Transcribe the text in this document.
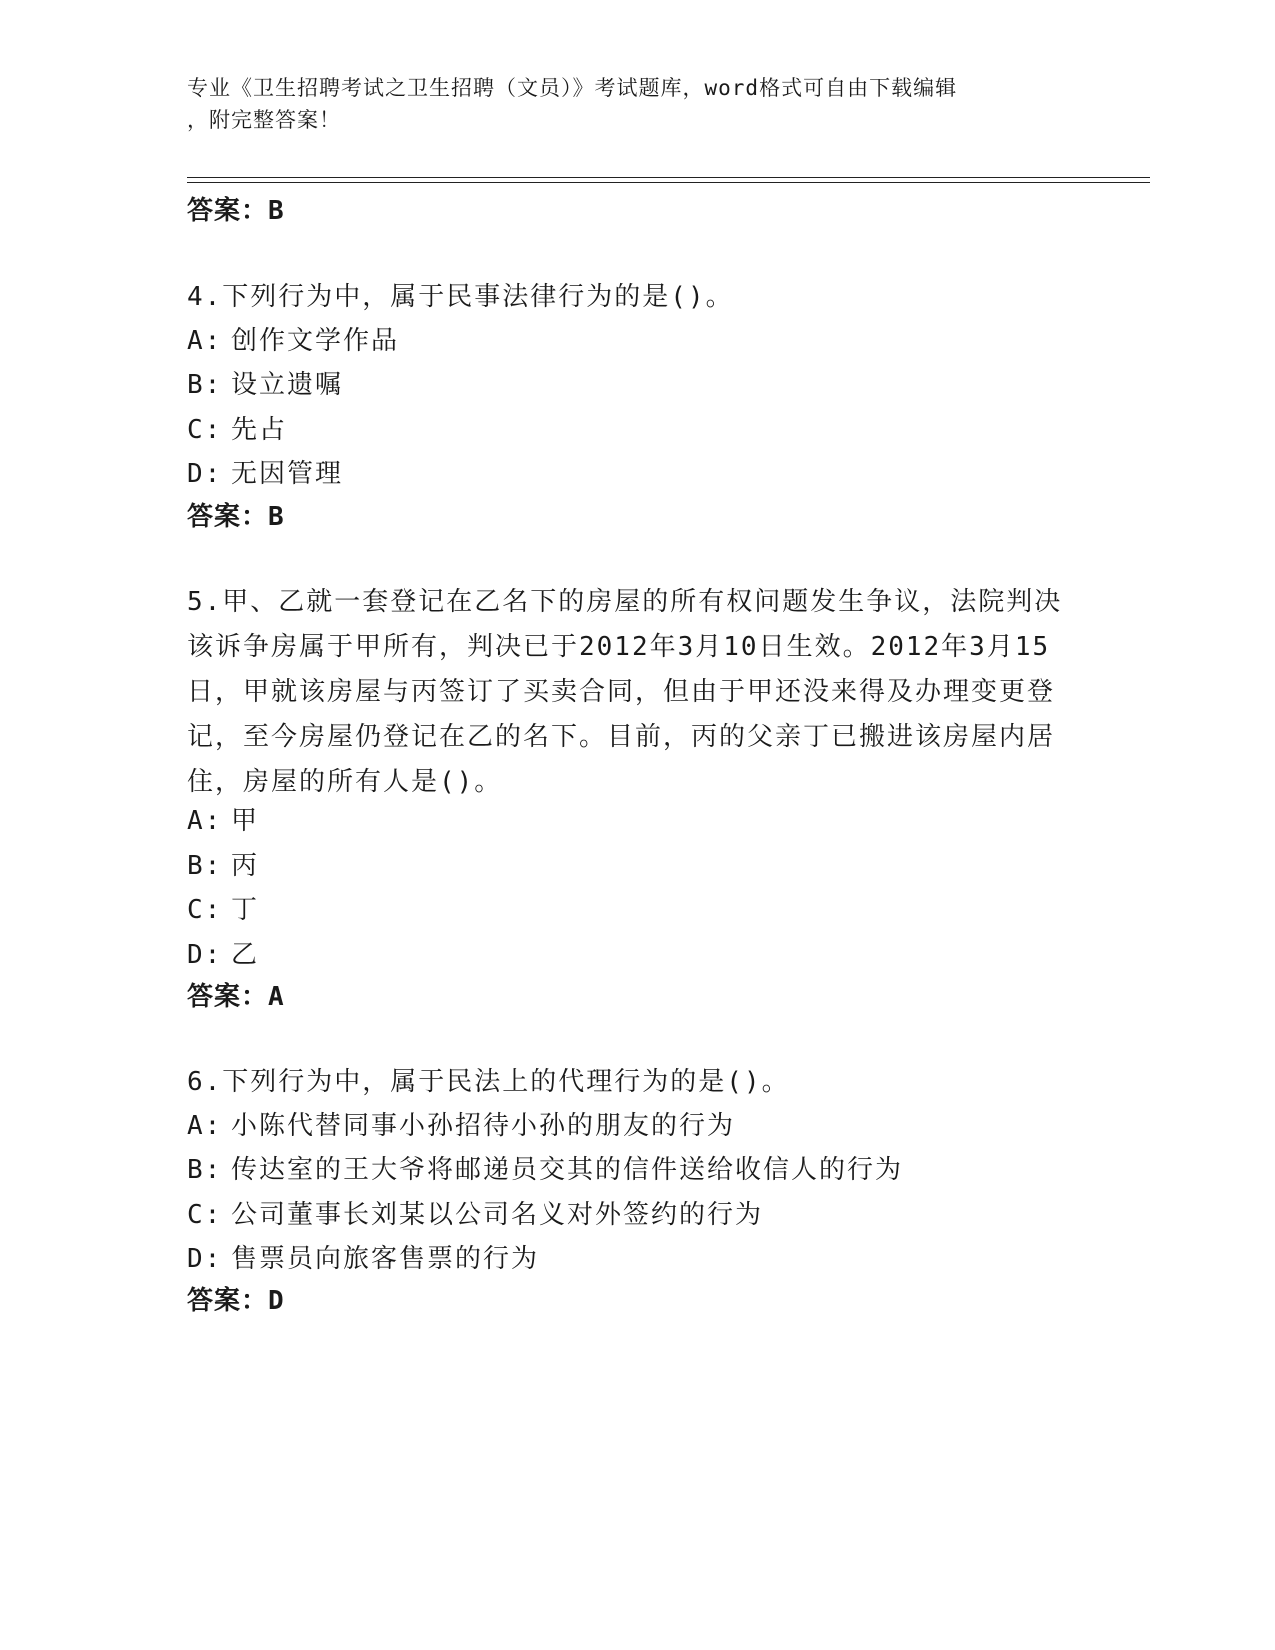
专业《卫生招聘考试之卫生招聘（文员）》考试题库，word格式可自由下载编辑
，附完整答案！
答案：B
4.下列行为中，属于民事法律行为的是()。
A: 创作文学作品
B: 设立遗嘱
C: 先占
D: 无因管理
答案：B
5.甲、乙就一套登记在乙名下的房屋的所有权问题发生争议，法院判决该诉争房属于甲所有，判决已于2012年3月10日生效。2012年3月15日，甲就该房屋与丙签订了买卖合同，但由于甲还没来得及办理变更登记，至今房屋仍登记在乙的名下。目前，丙的父亲丁已搬进该房屋内居住，房屋的所有人是()。
A: 甲
B: 丙
C: 丁
D: 乙
答案：A
6.下列行为中，属于民法上的代理行为的是()。
A: 小陈代替同事小孙招待小孙的朋友的行为
B: 传达室的王大爷将邮递员交其的信件送给收信人的行为
C: 公司董事长刘某以公司名义对外签约的行为
D: 售票员向旅客售票的行为
答案：D
